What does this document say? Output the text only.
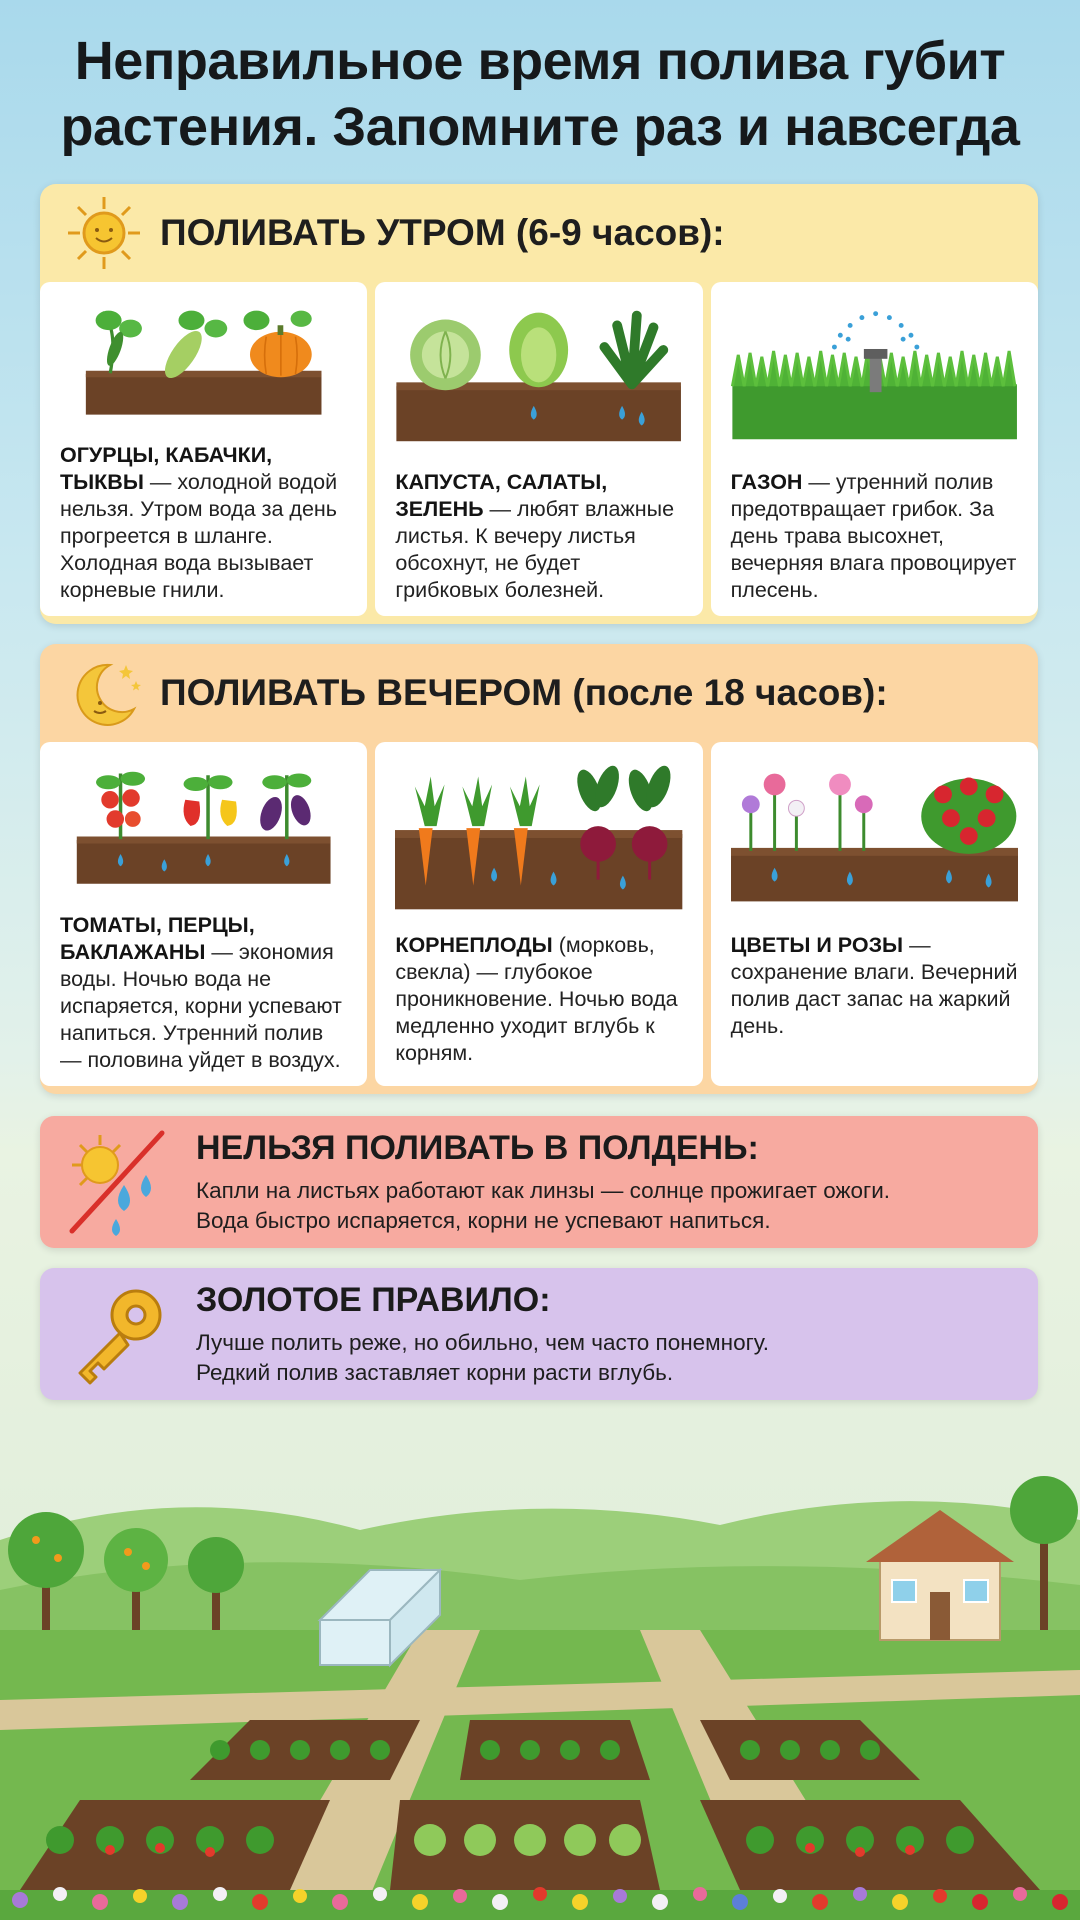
Неправильное время полива губит
растения. Запомните раз и навсегда
ПОЛИВАТЬ УТРОМ (6-9 часов):
ОГУРЦЫ, КАБАЧКИ, ТЫКВЫ — холодной водой нельзя. Утром вода за день прогреется в шланге. Холодная вода вызывает корневые гнили.
КАПУСТА, САЛАТЫ, ЗЕЛЕНЬ — любят влажные листья. К вечеру листья обсохнут, не будет грибковых болезней.
ГАЗОН — утренний полив предотвращает грибок. За день трава высохнет, вечерняя влага провоцирует плесень.
ПОЛИВАТЬ ВЕЧЕРОМ (после 18 часов):
ТОМАТЫ, ПЕРЦЫ, БАКЛАЖАНЫ — экономия воды. Ночью вода не испаряется, корни успевают напиться. Утренний полив — половина уйдет в воздух.
КОРНЕПЛОДЫ (морковь, свекла) — глубокое проникновение. Ночью вода медленно уходит вглубь к корням.
ЦВЕТЫ И РОЗЫ — сохранение влаги. Вечерний полив даст запас на жаркий день.
НЕЛЬЗЯ ПОЛИВАТЬ В ПОЛДЕНЬ:
Капли на листьях работают как линзы — солнце прожигает ожоги.
Вода быстро испаряется, корни не успевают напиться.
ЗОЛОТОЕ ПРАВИЛО:
Лучше полить реже, но обильно, чем часто понемногу.
Редкий полив заставляет корни расти вглубь.
